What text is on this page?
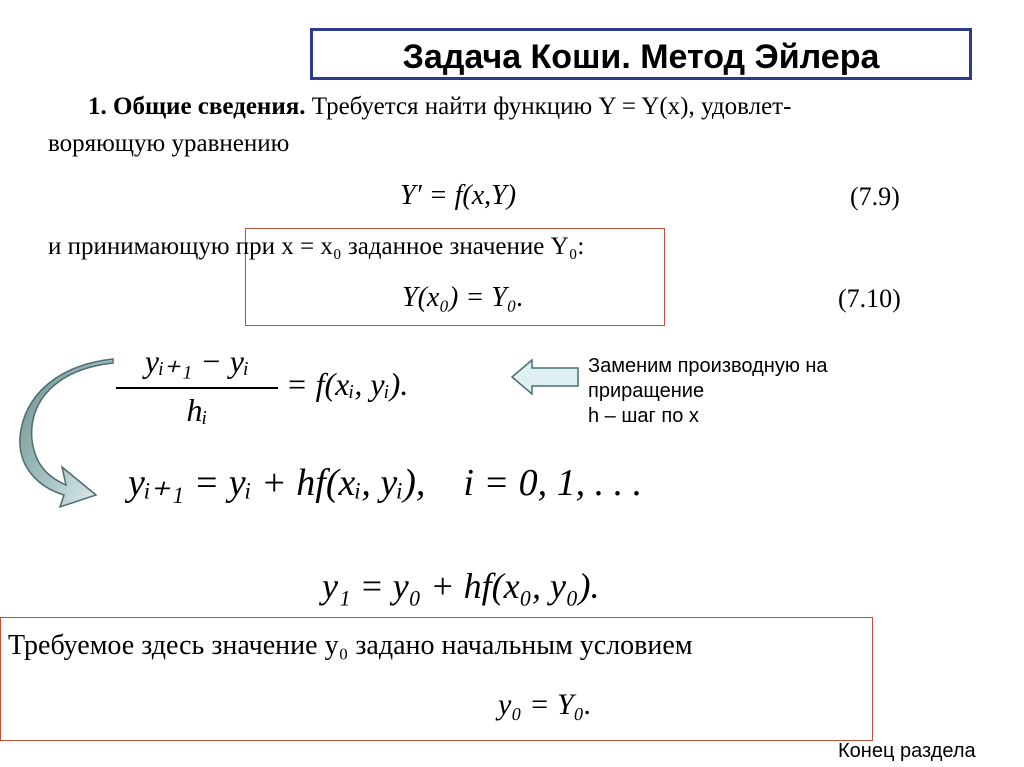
Задача Коши. Метод Эйлера
1. Общие сведения. Требуется найти функцию Y = Y(x), удовлет-
воряющую уравнению
Y′ = f(x,Y)	(7.9)
и принимающую при x = x₀ заданное значение Y₀:
Y(x₀) = Y₀.	(7.10)
yᵢ₊₁ − yᵢ
hᵢ
= f(xᵢ, yᵢ).	Заменим производную на
приращение
h – шаг по x
yᵢ₊₁ = yᵢ + hf(xᵢ, yᵢ),    i = 0, 1, . . .
y₁ = y₀ + hf(x₀, y₀).
Требуемое здесь значение y₀ задано начальным условием
y₀ = Y₀.
Конец раздела
